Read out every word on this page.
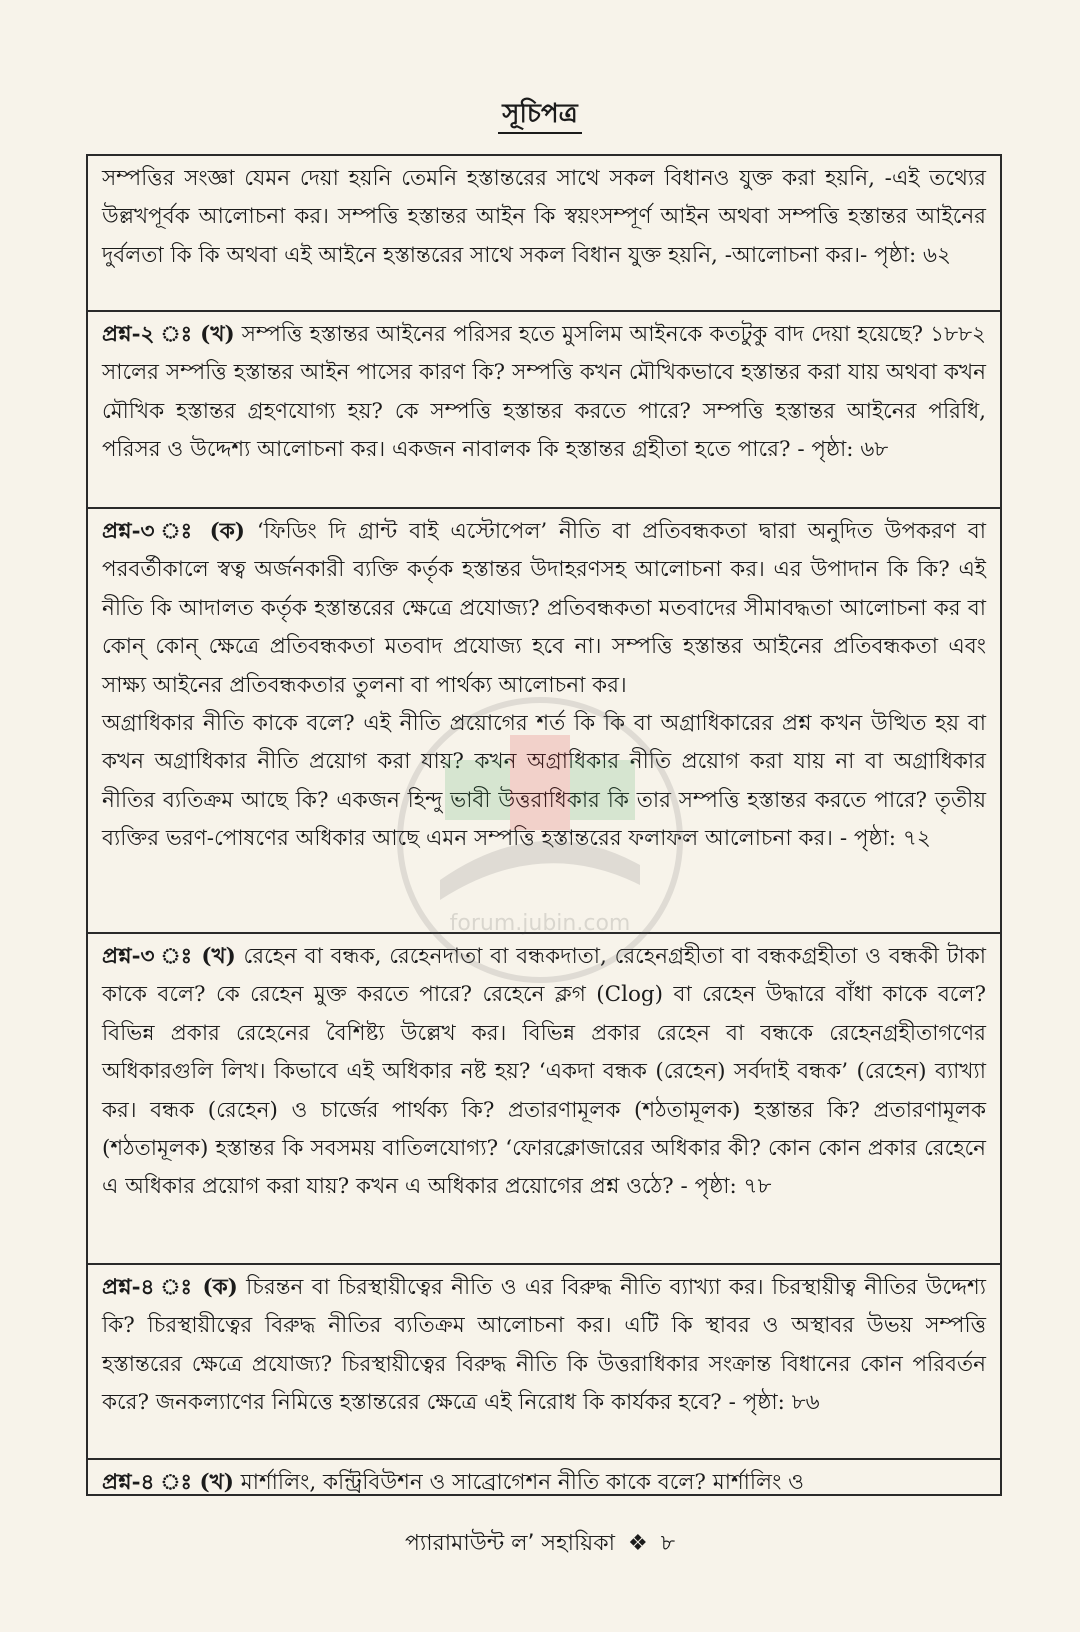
সূচিপত্র

সম্পত্তির সংজ্ঞা যেমন দেয়া হয়নি তেমনি হস্তান্তরের সাথে সকল বিধানও যুক্ত করা হয়নি, -এই তথ্যের উল্লখপূর্বক আলোচনা কর। সম্পত্তি হস্তান্তর আইন কি স্বয়ংসম্পূর্ণ আইন অথবা সম্পত্তি হস্তান্তর আইনের দুর্বলতা কি কি অথবা এই আইনে হস্তান্তরের সাথে সকল বিধান যুক্ত হয়নি, -আলোচনা কর।- পৃষ্ঠা: ৬২

প্রশ্ন-২ ঃ (খ) সম্পত্তি হস্তান্তর আইনের পরিসর হতে মুসলিম আইনকে কতটুকু বাদ দেয়া হয়েছে? ১৮৮২ সালের সম্পত্তি হস্তান্তর আইন পাসের কারণ কি? সম্পত্তি কখন মৌখিকভাবে হস্তান্তর করা যায় অথবা কখন মৌখিক হস্তান্তর গ্রহণযোগ্য হয়? কে সম্পত্তি হস্তান্তর করতে পারে? সম্পত্তি হস্তান্তর আইনের পরিধি, পরিসর ও উদ্দেশ্য আলোচনা কর। একজন নাবালক কি হস্তান্তর গ্রহীতা হতে পারে? - পৃষ্ঠা: ৬৮

প্রশ্ন-৩ ঃ (ক) ‘ফিডিং দি গ্রান্ট বাই এস্টোপেল’ নীতি বা প্রতিবন্ধকতা দ্বারা অনুদিত উপকরণ বা পরবর্তীকালে স্বত্ব অর্জনকারী ব্যক্তি কর্তৃক হস্তান্তর উদাহরণসহ আলোচনা কর। এর উপাদান কি কি? এই নীতি কি আদালত কর্তৃক হস্তান্তরের ক্ষেত্রে প্রযোজ্য? প্রতিবন্ধকতা মতবাদের সীমাবদ্ধতা আলোচনা কর বা কোন্ কোন্ ক্ষেত্রে প্রতিবন্ধকতা মতবাদ প্রযোজ্য হবে না। সম্পত্তি হস্তান্তর আইনের প্রতিবন্ধকতা এবং সাক্ষ্য আইনের প্রতিবন্ধকতার তুলনা বা পার্থক্য আলোচনা কর।

অগ্রাধিকার নীতি কাকে বলে? এই নীতি প্রয়োগের শর্ত কি কি বা অগ্রাধিকারের প্রশ্ন কখন উত্থিত হয় বা কখন অগ্রাধিকার নীতি প্রয়োগ করা যায়? কখন অগ্রাধিকার নীতি প্রয়োগ করা যায় না বা অগ্রাধিকার নীতির ব্যতিক্রম আছে কি? একজন হিন্দু ভাবী উত্তরাধিকার কি তার সম্পত্তি হস্তান্তর করতে পারে? তৃতীয় ব্যক্তির ভরণ-পোষণের অধিকার আছে এমন সম্পত্তি হস্তান্তরের ফলাফল আলোচনা কর। - পৃষ্ঠা: ৭২

প্রশ্ন-৩ ঃ (খ) রেহেন বা বন্ধক, রেহেনদাতা বা বন্ধকদাতা, রেহেনগ্রহীতা বা বন্ধকগ্রহীতা ও বন্ধকী টাকা কাকে বলে? কে রেহেন মুক্ত করতে পারে? রেহেনে ক্লগ (Clog) বা রেহেন উদ্ধারে বাঁধা কাকে বলে? বিভিন্ন প্রকার রেহেনের বৈশিষ্ট্য উল্লেখ কর। বিভিন্ন প্রকার রেহেন বা বন্ধকে রেহেনগ্রহীতাগণের অধিকারগুলি লিখ। কিভাবে এই অধিকার নষ্ট হয়? ‘একদা বন্ধক (রেহেন) সর্বদাই বন্ধক’ (রেহেন) ব্যাখ্যা কর। বন্ধক (রেহেন) ও চার্জের পার্থক্য কি? প্রতারণামূলক (শঠতামূলক) হস্তান্তর কি? প্রতারণামূলক (শঠতামূলক) হস্তান্তর কি সবসময় বাতিলযোগ্য? ‘ফোরক্লোজারের অধিকার কী? কোন কোন প্রকার রেহেনে এ অধিকার প্রয়োগ করা যায়? কখন এ অধিকার প্রয়োগের প্রশ্ন ওঠে? - পৃষ্ঠা: ৭৮

প্রশ্ন-৪ ঃ (ক) চিরন্তন বা চিরস্থায়ীত্বের নীতি ও এর বিরুদ্ধ নীতি ব্যাখ্যা কর। চিরস্থায়ীত্ব নীতির উদ্দেশ্য কি? চিরস্থায়ীত্বের বিরুদ্ধ নীতির ব্যতিক্রম আলোচনা কর। এটি কি স্থাবর ও অস্থাবর উভয় সম্পত্তি হস্তান্তরের ক্ষেত্রে প্রযোজ্য? চিরস্থায়ীত্বের বিরুদ্ধ নীতি কি উত্তরাধিকার সংক্রান্ত বিধানের কোন পরিবর্তন করে? জনকল্যাণের নিমিত্তে হস্তান্তরের ক্ষেত্রে এই নিরোধ কি কার্যকর হবে? - পৃষ্ঠা: ৮৬

প্রশ্ন-৪ ঃ (খ) মার্শালিং, কন্ট্রিবিউশন ও সাব্রোগেশন নীতি কাকে বলে? মার্শালিং ও

forum.jubin.com
প্যারামাউন্ট ল’ সহায়িকা ❖ ৮
